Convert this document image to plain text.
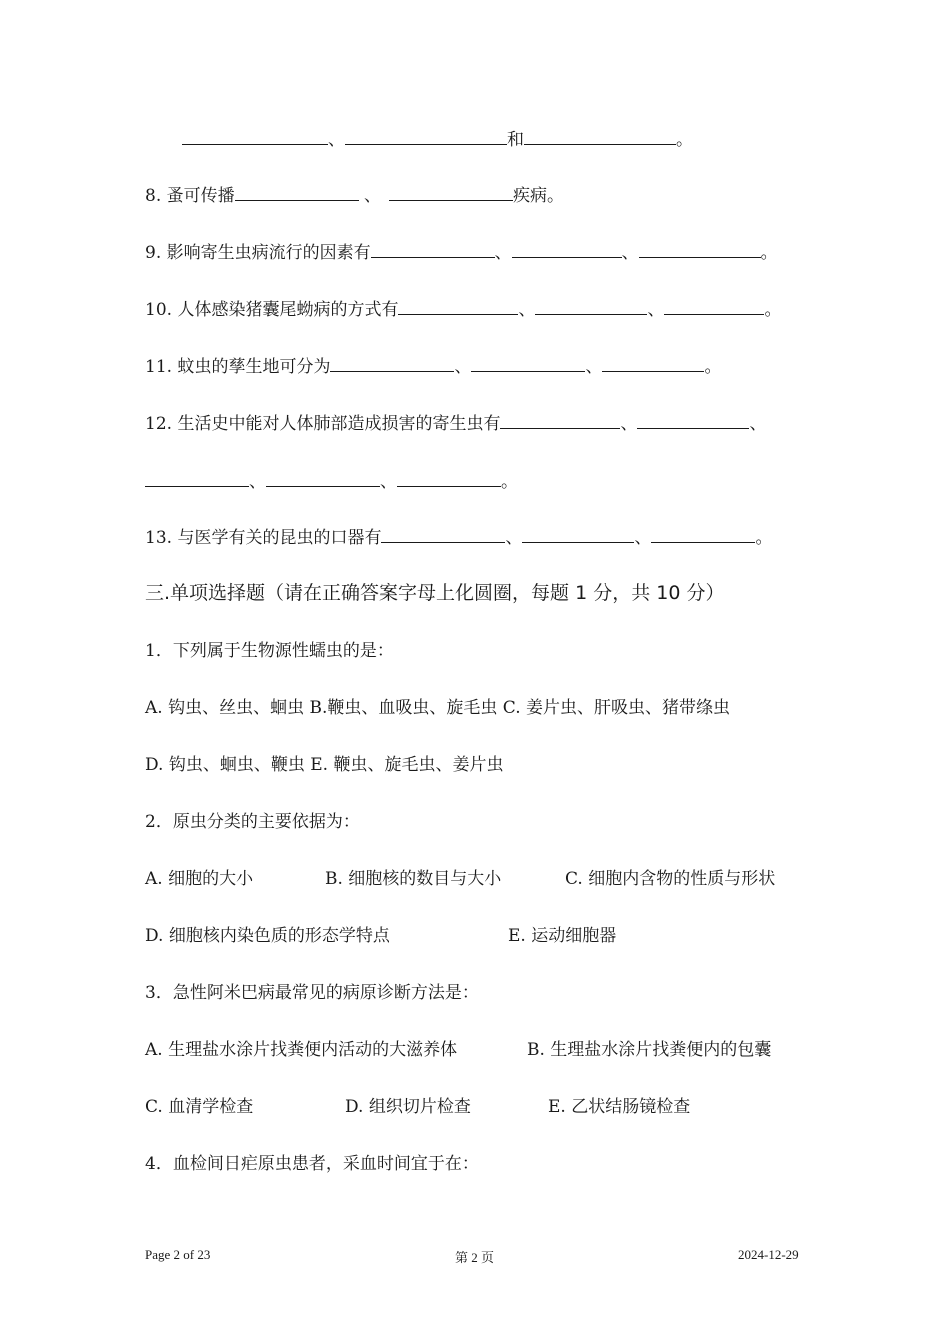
、	和	。
8. 蚤可传播	、	疾病。
9. 影响寄生虫病流行的因素有	、	、	。
10. 人体感染猪囊尾蚴病的方式有	、	、	。
11. 蚊虫的孳生地可分为	、	、	。
12. 生活史中能对人体肺部造成损害的寄生虫有	、	、
、	、	。
13. 与医学有关的昆虫的口器有	、	、	。
三.单项选择题（请在正确答案字母上化圆圈，每题 1 分，共 10 分）
1．下列属于生物源性蠕虫的是：
A. 钩虫、丝虫、蛔虫 B.鞭虫、血吸虫、旋毛虫 C. 姜片虫、肝吸虫、猪带绦虫
D. 钩虫、蛔虫、鞭虫 E. 鞭虫、旋毛虫、姜片虫
2．原虫分类的主要依据为：
A. 细胞的大小	B. 细胞核的数目与大小	C. 细胞内含物的性质与形状
D. 细胞核内染色质的形态学特点	E. 运动细胞器
3．急性阿米巴病最常见的病原诊断方法是：
A. 生理盐水涂片找粪便内活动的大滋养体	B. 生理盐水涂片找粪便内的包囊
C. 血清学检查	D. 组织切片检查	E. 乙状结肠镜检查
4．血检间日疟原虫患者，采血时间宜于在：
Page 2 of 23	第 2 页	2024-12-29
